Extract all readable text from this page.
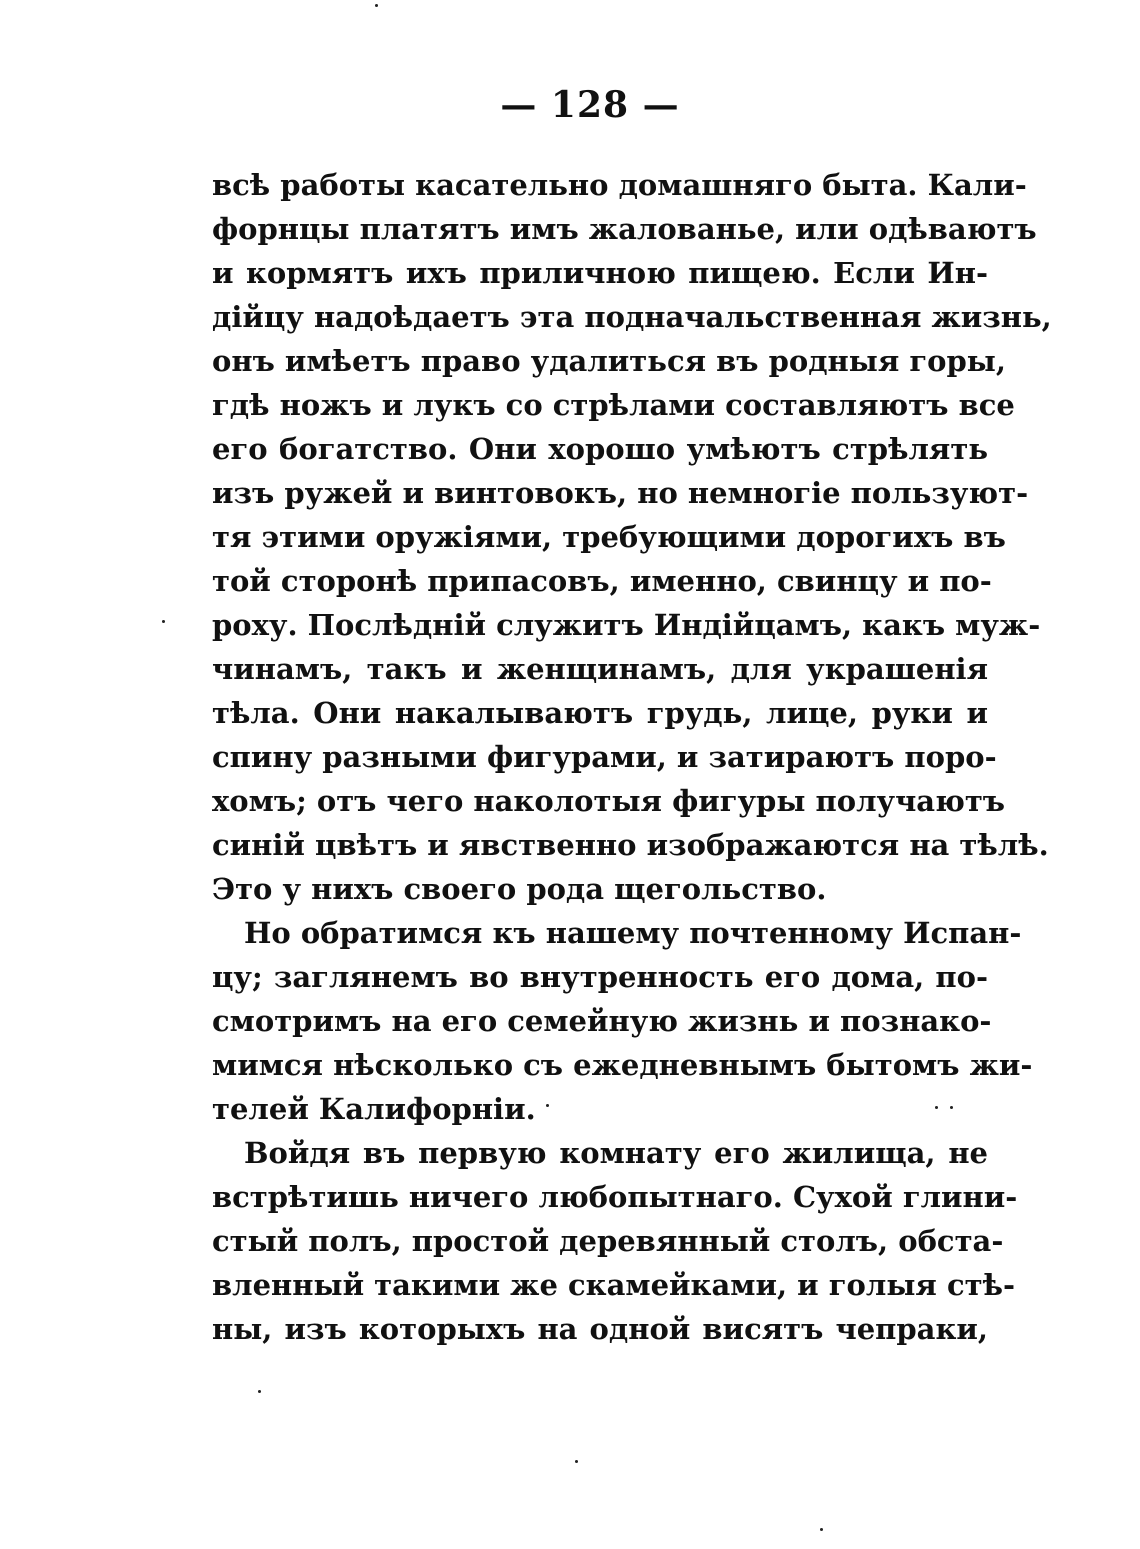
— 128 —
всѣ работы касательно домашняго быта. Кали-
форнцы платятъ имъ жалованье, или одѣваютъ
и кормятъ ихъ приличною пищею. Если Ин-
дійцу надоѣдаетъ эта подначальственная жизнь,
онъ имѣетъ право удалиться въ родныя горы,
гдѣ ножъ и лукъ со стрѣлами составляютъ все
его богатство. Они хорошо умѣютъ стрѣлять
изъ ружей и винтовокъ, но немногіе пользуют-
тя этими оружіями, требующими дорогихъ въ
той сторонѣ припасовъ, именно, свинцу и по-
роху. Послѣдній служитъ Индійцамъ, какъ муж-
чинамъ, такъ и женщинамъ, для украшенія
тѣла. Они накалываютъ грудь, лице, руки и
спину разными фигурами, и затираютъ поро-
хомъ; отъ чего наколотыя фигуры получаютъ
синій цвѣтъ и явственно изображаются на тѣлѣ.
Это у нихъ своего рода щегольство.
Но обратимся къ нашему почтенному Испан-
цу; заглянемъ во внутренность его дома, по-
смотримъ на его семейную жизнь и познако-
мимся нѣсколько съ ежедневнымъ бытомъ жи-
телей Калифорніи.
Войдя въ первую комнату его жилища, не
встрѣтишь ничего любопытнаго. Сухой глини-
стый полъ, простой деревянный столъ, обста-
вленный такими же скамейками, и голыя стѣ-
ны, изъ которыхъ на одной висятъ чепраки,
